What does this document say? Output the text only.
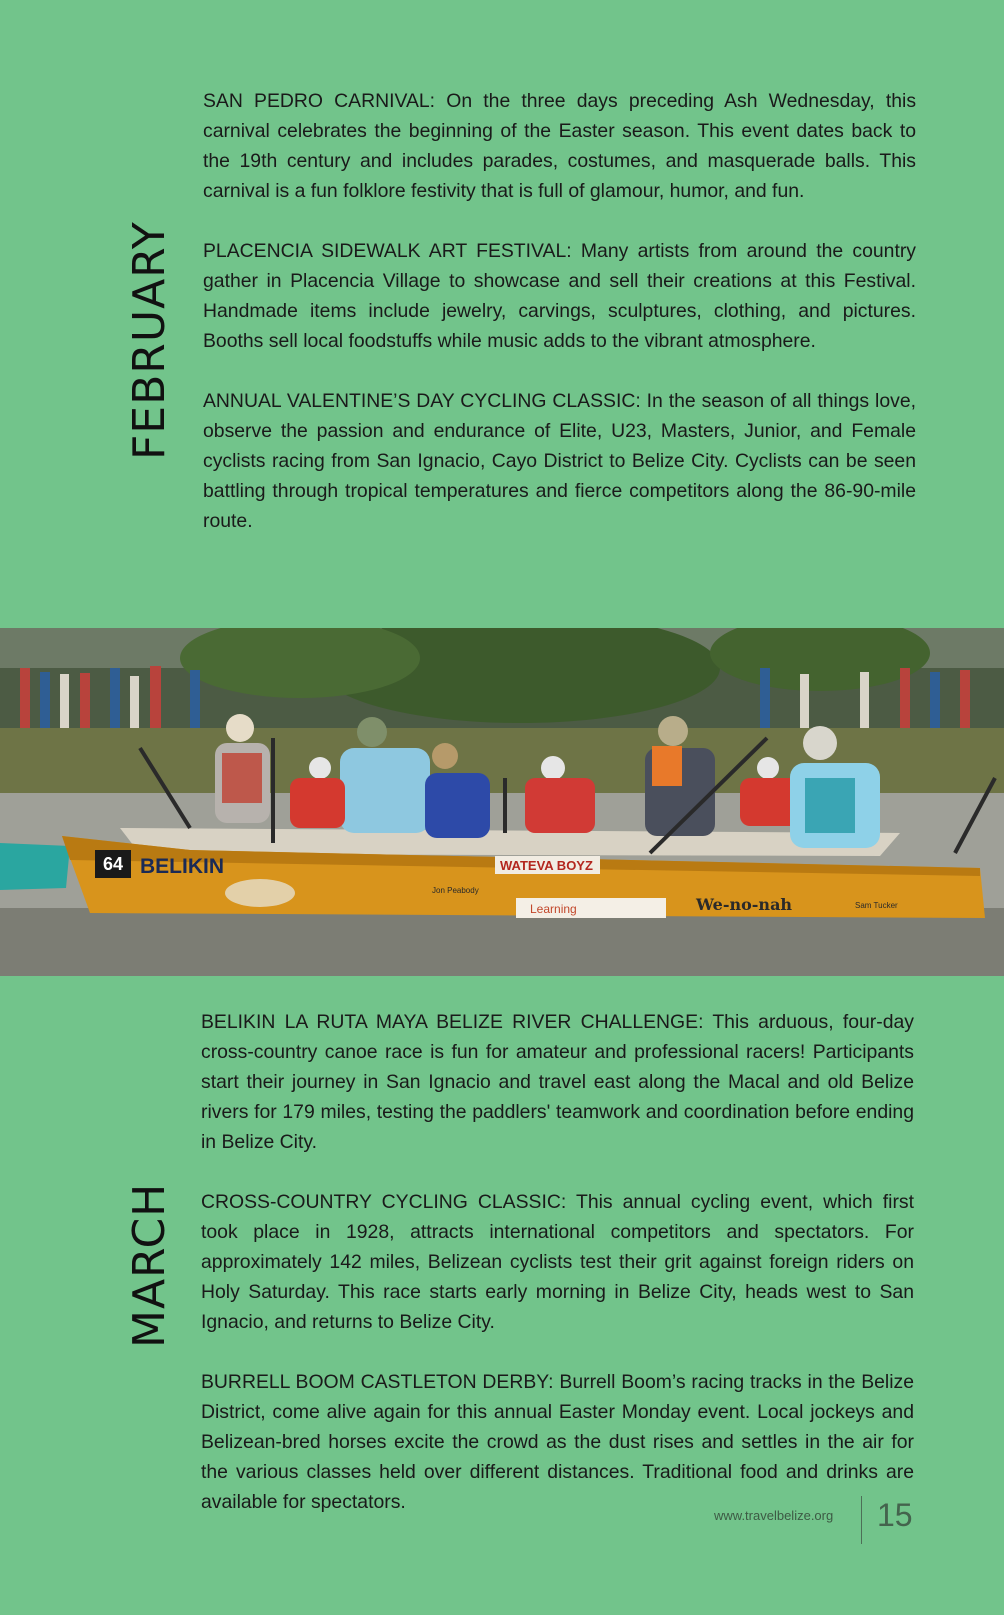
FEBRUARY

SAN PEDRO CARNIVAL: On the three days preceding Ash Wednesday, this carnival celebrates the beginning of the Easter season. This event dates back to the 19th century and includes parades, costumes, and masquerade balls. This carnival is a fun folklore festivity that is full of glamour, humor, and fun.

PLACENCIA SIDEWALK ART FESTIVAL: Many artists from around the country gather in Placencia Village to showcase and sell their creations at this Festival. Handmade items include jewelry, carvings, sculptures, clothing, and pictures. Booths sell local foodstuffs while music adds to the vibrant atmosphere.

ANNUAL VALENTINE’S DAY CYCLING CLASSIC: In the season of all things love, observe the passion and endurance of Elite, U23, Masters, Junior, and Female cyclists racing from San Ignacio, Cayo District to Belize City. Cyclists can be seen battling through tropical temperatures and fierce competitors along the 86-90-mile route.

64 BELIKIN
We-no-nah
Learning
WATEVA BOYZ
Jon Peabody
Sam Tucker
MARCH

BELIKIN LA RUTA MAYA BELIZE RIVER CHALLENGE: This arduous, four-day cross-country canoe race is fun for amateur and professional racers! Participants start their journey in San Ignacio and travel east along the Macal and old Belize rivers for 179 miles, testing the paddlers' teamwork and coordination before ending in Belize City.

CROSS-COUNTRY CYCLING CLASSIC: This annual cycling event, which first took place in 1928, attracts international competitors and spectators. For approximately 142 miles, Belizean cyclists test their grit against foreign riders on Holy Saturday. This race starts early morning in Belize City, heads west to San Ignacio, and returns to Belize City.

BURRELL BOOM CASTLETON DERBY: Burrell Boom’s racing tracks in the Belize District, come alive again for this annual Easter Monday event. Local jockeys and Belizean-bred horses excite the crowd as the dust rises and settles in the air for the various classes held over different distances. Traditional food and drinks are available for spectators.

www.travelbelize.org 15
